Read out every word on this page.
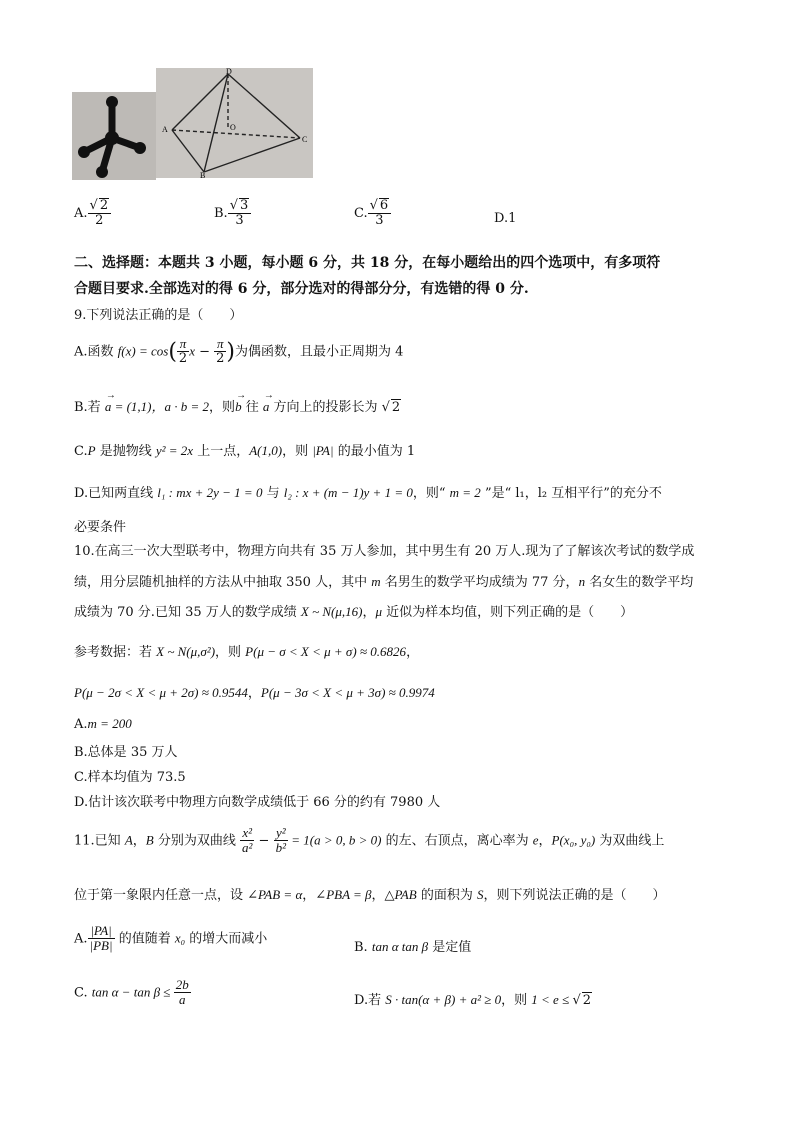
D
A	O
C
B
A. $\frac{√ 2}{2}$	B. $\frac{√ 3}{3}$	C. $\frac{√ 6}{3}$	D.1
二、选择题：本题共 3 小题，每小题 6 分，共 18 分，在每小题给出的四个选项中，有多项符
合题目要求.全部选对的得 6 分，部分选对的得部分分，有选错的得 0 分.
9.下列说法正确的是（　　）
A.函数 $f(x) = \cos( \frac{\pi}{2}$ $x - \frac{\pi}{2}$ )为偶函数，且最小正周期为 4
B.若
→
a = (1,1)，a · b = 2，则
→
b 往
→
a 方向上的投影长为 √ 2
C.P 是抛物线 y² = 2x 上一点，A(1,0)，则 |PA| 的最小值为 1
D.已知两直线 l₁ : mx + 2y − 1 = 0 与 l₂ : x + (m − 1)y + 1 = 0，则“ m = 2 ”是“ l₁，l₂ 互相平行”的充分不
必要条件
10.在高三一次大型联考中，物理方向共有 35 万人参加，其中男生有 20 万人.现为了了解该次考试的数学成
绩，用分层随机抽样的方法从中抽取 350 人，其中 m 名男生的数学平均成绩为 77 分，n 名女生的数学平均
成绩为 70 分.已知 35 万人的数学成绩 X ~ N(μ,16)，μ 近似为样本均值，则下列正确的是（　　）
参考数据：若 X ~ N(μ,σ²)，则 P(μ − σ < X < μ + σ) ≈ 0.6826，
P(μ − 2σ < X < μ + 2σ) ≈ 0.9544，P(μ − 3σ < X < μ + 3σ) ≈ 0.9974
A.m = 200
B.总体是 35 万人
C.样本均值为 73.5
D.估计该次联考中物理方向数学成绩低于 66 分的约有 7980 人
11.已知 A，B 分别为双曲线 $\frac{\text{x²}}{\text{a²}} - \frac{\text{y²}}{\text{b²}} = 1(a > 0$, b > 0) 的左、右顶点，离心率为 e，P(x₀, y₀) 为双曲线上
位于第一象限内任意一点，设 ∠PAB = α，∠PBA = β，△PAB 的面积为 S，则下列说法正确的是（　　）
A. $\frac{|PA|}{|PB|}$ 的值随着 x₀ 的增大而减小
B. tan α tan β 是定值
C. $\tan \alpha - \tan \beta \le \frac{2b}{a}$	D.若 S · tan(α + β) + a² ≥ 0，则 1 < e ≤ √ 2
